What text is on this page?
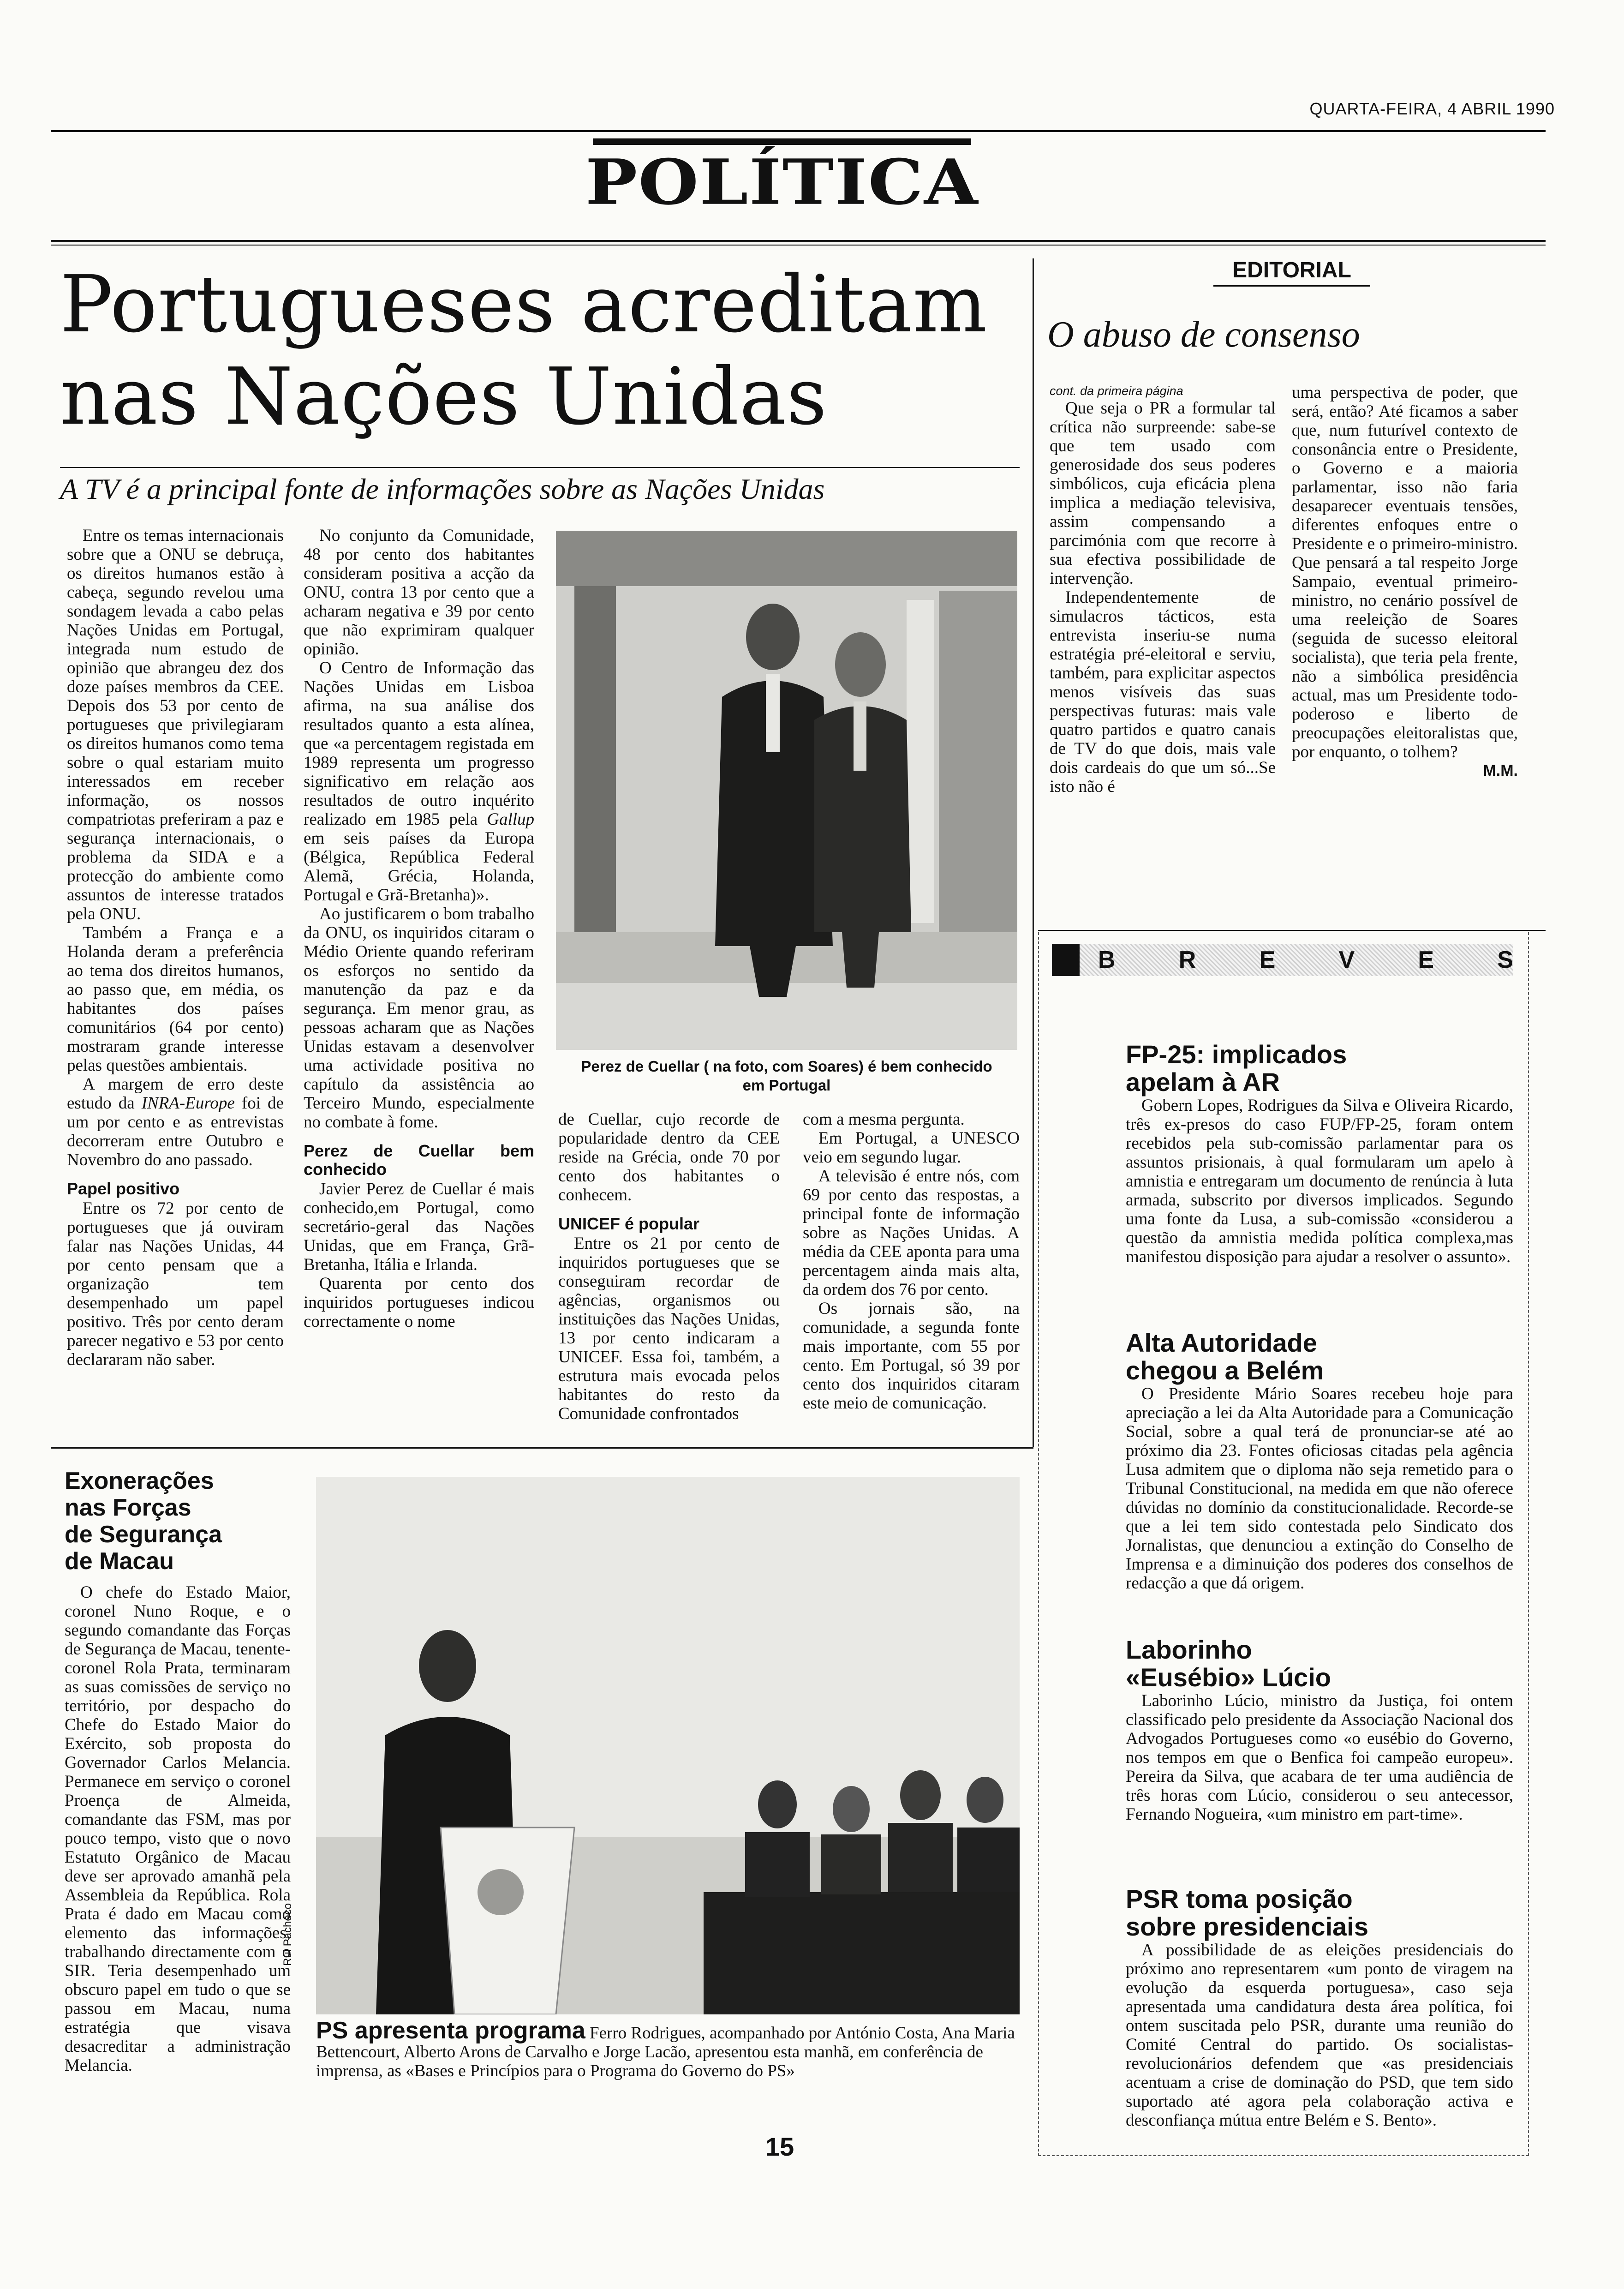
QUARTA-FEIRA, 4 ABRIL 1990
POLÍTICA
Portugueses acreditam
nas Nações Unidas
A TV é a principal fonte de informações sobre as Nações Unidas

Entre os temas internacionais sobre que a ONU se debruça, os direitos humanos estão à cabeça, segundo revelou uma sondagem levada a cabo pelas Nações Unidas em Portugal, integrada num estudo de opinião que abrangeu dez dos doze países membros da CEE. Depois dos 53 por cento de portugueses que privilegiaram os direitos humanos como tema sobre o qual estariam muito interessados em receber informação, os nossos compatriotas preferiram a paz e segurança internacionais, o problema da SIDA e a protecção do ambiente como assuntos de interesse tratados pela ONU.

Também a França e a Holanda deram a preferência ao tema dos direitos humanos, ao passo que, em média, os habitantes dos países comunitários (64 por cento) mostraram grande interesse pelas questões ambientais.

A margem de erro deste estudo da INRA-Europe foi de um por cento e as entrevistas decorreram entre Outubro e Novembro do ano passado.

Papel positivo

Entre os 72 por cento de portugueses que já ouviram falar nas Nações Unidas, 44 por cento pensam que a organização tem desempenhado um papel positivo. Três por cento deram parecer negativo e 53 por cento declararam não saber.

No conjunto da Comunidade, 48 por cento dos habitantes consideram positiva a acção da ONU, contra 13 por cento que a acharam negativa e 39 por cento que não exprimiram qualquer opinião.

O Centro de Informação das Nações Unidas em Lisboa afirma, na sua análise dos resultados quanto a esta alínea, que «a percentagem registada em 1989 representa um progresso significativo em relação aos resultados de outro inquérito realizado em 1985 pela Gallup em seis países da Europa (Bélgica, República Federal Alemã, Grécia, Holanda, Portugal e Grã-Bretanha)».

Ao justificarem o bom trabalho da ONU, os inquiridos citaram o Médio Oriente quando referiram os esforços no sentido da manutenção da paz e da segurança. Em menor grau, as pessoas acharam que as Nações Unidas estavam a desenvolver uma actividade positiva no capítulo da assistência ao Terceiro Mundo, especialmente no combate à fome.

Perez de Cuellar bem conhecido

Javier Perez de Cuellar é mais conhecido,em Portugal, como secretário-geral das Nações Unidas, que em França, Grã-Bretanha, Itália e Irlanda.

Quarenta por cento dos inquiridos portugueses indicou correctamente o nome

Perez de Cuellar ( na foto, com Soares) é bem conhecido em Portugal

de Cuellar, cujo recorde de popularidade dentro da CEE reside na Grécia, onde 70 por cento dos habitantes o conhecem.

UNICEF é popular

Entre os 21 por cento de inquiridos portugueses que se conseguiram recordar de agências, organismos ou instituições das Nações Unidas, 13 por cento indicaram a UNICEF. Essa foi, também, a estrutura mais evocada pelos habitantes do resto da Comunidade confrontados

com a mesma pergunta.

Em Portugal, a UNESCO veio em segundo lugar.

A televisão é entre nós, com 69 por cento das respostas, a principal fonte de informação sobre as Nações Unidas. A média da CEE aponta para uma percentagem ainda mais alta, da ordem dos 76 por cento.

Os jornais são, na comunidade, a segunda fonte mais importante, com 55 por cento. Em Portugal, só 39 por cento dos inquiridos citaram este meio de comunicação.

EDITORIAL
O abuso de consenso
cont. da primeira página

Que seja o PR a formular tal crítica não surpreende: sabe-se que tem usado com generosidade dos seus poderes simbólicos, cuja eficácia plena implica a mediação televisiva, assim compensando a parcimónia com que recorre à sua efectiva possibilidade de intervenção.

Independentemente de simulacros tácticos, esta entrevista inseriu-se numa estratégia pré-eleitoral e serviu, também, para explicitar aspectos menos visíveis das suas perspectivas futuras: mais vale quatro partidos e quatro canais de TV do que dois, mais vale dois cardeais do que um só...Se isto não é

uma perspectiva de poder, que será, então? Até ficamos a saber que, num futurível contexto de consonância entre o Presidente, o Governo e a maioria parlamentar, isso não faria desaparecer eventuais tensões, diferentes enfoques entre o Presidente e o primeiro-ministro. Que pensará a tal respeito Jorge Sampaio, eventual primeiro-ministro, no cenário possível de uma reeleição de Soares (seguida de sucesso eleitoral socialista), que teria pela frente, não a simbólica presidência actual, mas um Presidente todo-poderoso e liberto de preocupações eleitoralistas que, por enquanto, o tolhem?

M.M.
B	R	E	V	E	S
FP-25: implicados
apelam à AR

Gobern Lopes, Rodrigues da Silva e Oliveira Ricardo, três ex-presos do caso FUP/FP-25, foram ontem recebidos pela sub-comissão parlamentar para os assuntos prisionais, à qual formularam um apelo à amnistia e entregaram um documento de renúncia à luta armada, subscrito por diversos implicados. Segundo uma fonte da Lusa, a sub-comissão «considerou a questão da amnistia medida política complexa,mas manifestou disposição para ajudar a resolver o assunto».

Alta Autoridade
chegou a Belém

O Presidente Mário Soares recebeu hoje para apreciação a lei da Alta Autoridade para a Comunicação Social, sobre a qual terá de pronunciar-se até ao próximo dia 23. Fontes oficiosas citadas pela agência Lusa admitem que o diploma não seja remetido para o Tribunal Constitucional, na medida em que não oferece dúvidas no domínio da constitucionalidade. Recorde-se que a lei tem sido contestada pelo Sindicato dos Jornalistas, que denunciou a extinção do Conselho de Imprensa e a diminuição dos poderes dos conselhos de redacção a que dá origem.

Laborinho
«Eusébio» Lúcio

Laborinho Lúcio, ministro da Justiça, foi ontem classificado pelo presidente da Associação Nacional dos Advogados Portugueses como «o eusébio do Governo, nos tempos em que o Benfica foi campeão europeu». Pereira da Silva, que acabara de ter uma audiência de três horas com Lúcio, considerou o seu antecessor, Fernando Nogueira, «um ministro em part-time».

PSR toma posição
sobre presidenciais

A possibilidade de as eleições presidenciais do próximo ano representarem «um ponto de viragem na evolução da esquerda portuguesa», caso seja apresentada uma candidatura desta área política, foi ontem suscitada pelo PSR, durante uma reunião do Comité Central do partido. Os socialistas-revolucionários defendem que «as presidenciais acentuam a crise de dominação do PSD, que tem sido suportado até agora pela colaboração activa e desconfiança mútua entre Belém e S. Bento».

Exonerações
nas Forças
de Segurança
de Macau

O chefe do Estado Maior, coronel Nuno Roque, e o segundo comandante das Forças de Segurança de Macau, tenente-coronel Rola Prata, terminaram as suas comissões de serviço no território, por despacho do Chefe do Estado Maior do Exército, sob proposta do Governador Carlos Melancia. Permanece em serviço o coronel Proença de Almeida, comandante das FSM, mas por pouco tempo, visto que o novo Estatuto Orgânico de Macau deve ser aprovado amanhã pela Assembleia da República. Rola Prata é dado em Macau como elemento das informações, trabalhando directamente com o SIR. Teria desempenhado um obscuro papel em tudo o que se passou em Macau, numa estratégia que visava desacreditar a administração Melancia.

Rui Pacheco
PS apresenta programa Ferro Rodrigues, acompanhado por António Costa, Ana Maria Bettencourt, Alberto Arons de Carvalho e Jorge Lacão, apresentou esta manhã, em conferência de imprensa, as «Bases e Princípios para o Programa do Governo do PS»
15
